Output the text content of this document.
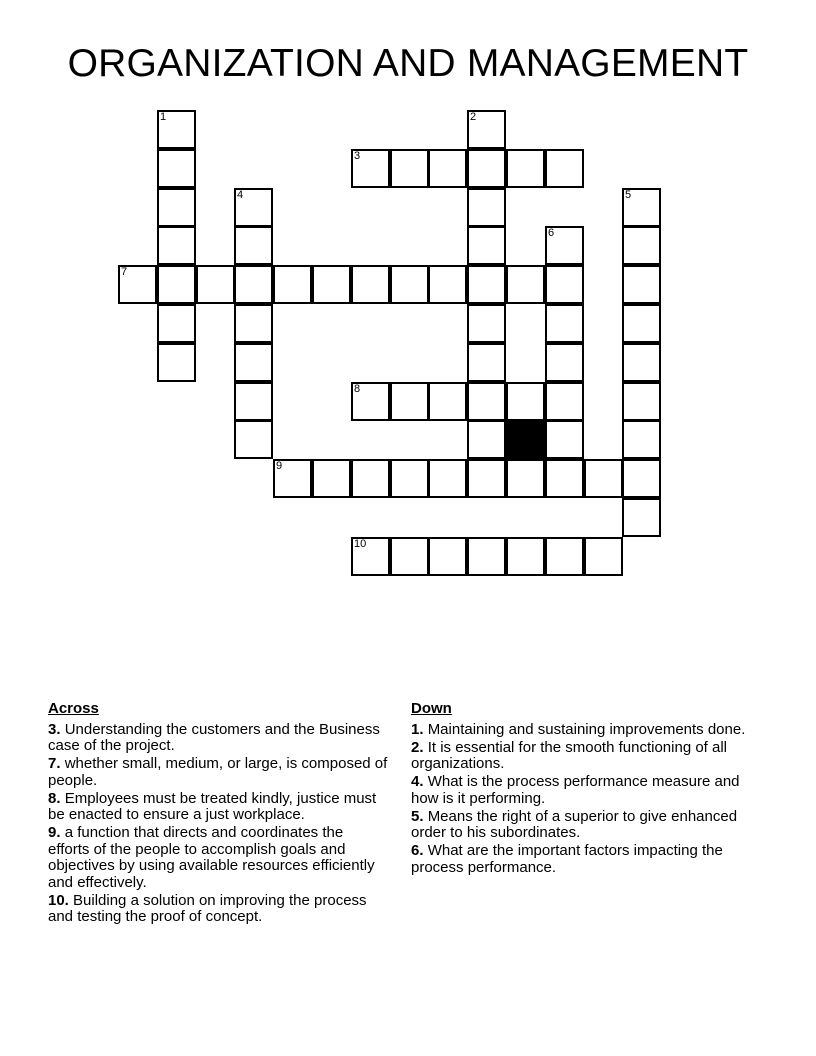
ORGANIZATION AND MANAGEMENT
1	2
3
4	5
6
7
8
9
10
Across
3. Understanding the customers and the Business case of the project.
7. whether small, medium, or large, is composed of people.
8. Employees must be treated kindly, justice must be enacted to ensure a just workplace.
9. a function that directs and coordinates the efforts of the people to accomplish goals and objectives by using available resources efficiently and effectively.
10. Building a solution on improving the process and testing the proof of concept.
Down
1. Maintaining and sustaining improvements done.
2. It is essential for the smooth functioning of all organizations.
4. What is the process performance measure and how is it performing.
5. Means the right of a superior to give enhanced order to his subordinates.
6. What are the important factors impacting the process performance.
